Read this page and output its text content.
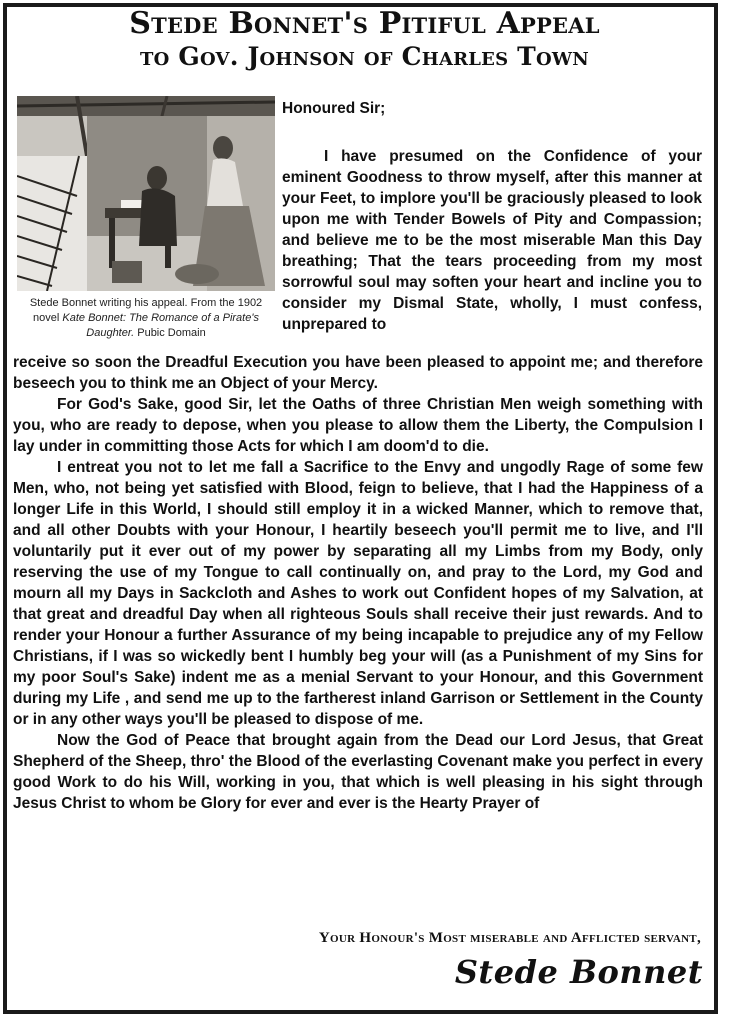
Stede Bonnet's Pitiful Appeal
to Gov. Johnson of Charles Town
Stede Bonnet writing his appeal. From the 1902 novel Kate Bonnet: The Romance of a Pirate's Daughter. Pubic Domain
Honoured Sir;
I have presumed on the Confidence of your eminent Goodness to throw myself, after this manner at your Feet, to implore you'll be graciously pleased to look upon me with Tender Bowels of Pity and Compassion; and believe me to be the most miserable Man this Day breathing; That the tears proceeding from my most sorrowful soul may soften your heart and incline you to consider my Dismal State, wholly, I must confess, unprepared to

receive so soon the Dreadful Execution you have been pleased to appoint me; and therefore beseech you to think me an Object of your Mercy.

For God's Sake, good Sir, let the Oaths of three Christian Men weigh something with you, who are ready to depose, when you please to allow them the Liberty, the Compulsion I lay under in committing those Acts for which I am doom'd to die.

I entreat you not to let me fall a Sacrifice to the Envy and ungodly Rage of some few Men, who, not being yet satisfied with Blood, feign to believe, that I had the Happiness of a longer Life in this World, I should still employ it in a wicked Manner, which to remove that, and all other Doubts with your Honour, I heartily beseech you'll permit me to live, and I'll voluntarily put it ever out of my power by separating all my Limbs from my Body, only reserving the use of my Tongue to call continually on, and pray to the Lord, my God and mourn all my Days in Sackcloth and Ashes to work out Confident hopes of my Salvation, at that great and dreadful Day when all righteous Souls shall receive their just rewards. And to render your Honour a further Assurance of my being incapable to prejudice any of my Fellow Christians, if I was so wickedly bent I humbly beg your will (as a Punishment of my Sins for my poor Soul's Sake) indent me as a menial Servant to your Honour, and this Government during my Life , and send me up to the fartherest inland Garrison or Settlement in the County or in any other ways you'll be pleased to dispose of me.

Now the God of Peace that brought again from the Dead our Lord Jesus, that Great Shepherd of the Sheep, thro' the Blood of the everlasting Covenant make you perfect in every good Work to do his Will, working in you, that which is well pleasing in his sight through Jesus Christ to whom be Glory for ever and ever is the Hearty Prayer of

Your Honour's Most miserable and Afflicted servant,
Stede Bonnet
